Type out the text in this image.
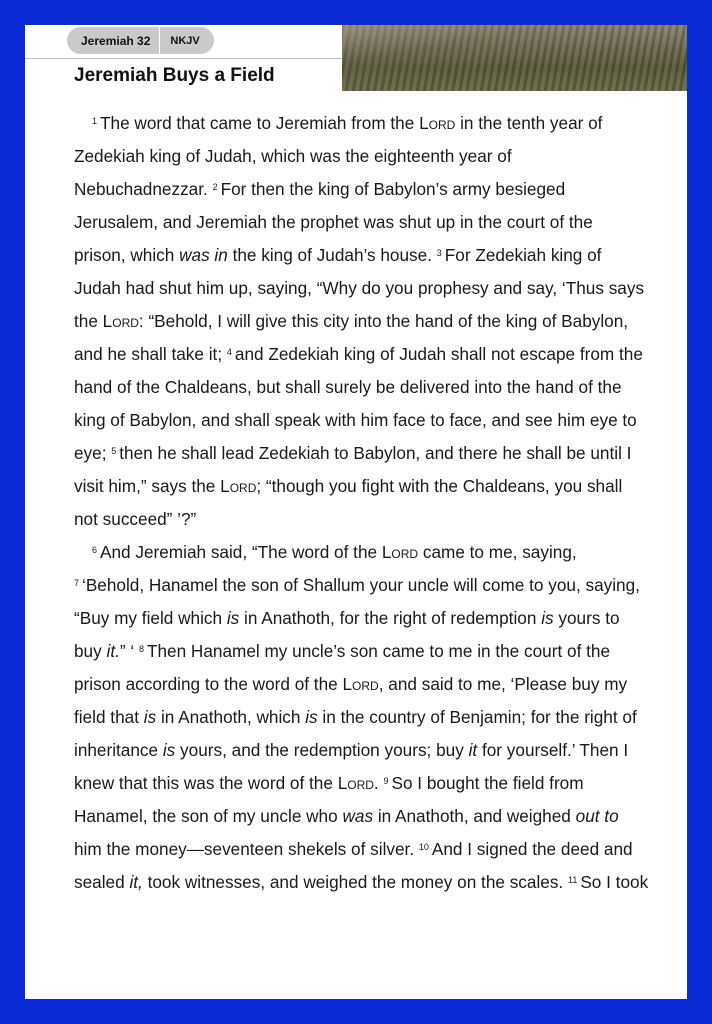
Jeremiah 32	NKJV
Jeremiah Buys a Field

$^1$ The word that came to Jeremiah from the Lord in the tenth year of Zedekiah king of Judah, which was the eighteenth year of Nebuchadnezzar. $^2$ For then the king of Babylon’s army besieged Jerusalem, and Jeremiah the prophet was shut up in the court of the prison, which was in the king of Judah’s house. $^3$ For Zedekiah king of Judah had shut him up, saying, “Why do you prophesy and say, ‘Thus says the Lord: “Behold, I will give this city into the hand of the king of Babylon, and he shall take it; $^4$ and Zedekiah king of Judah shall not escape from the hand of the Chaldeans, but shall surely be delivered into the hand of the king of Babylon, and shall speak with him face to face, and see him eye to eye; $^5$ then he shall lead Zedekiah to Babylon, and there he shall be until I visit him,” says the Lord; “though you fight with the Chaldeans, you shall not succeed” ’?”

$^6$ And Jeremiah said, “The word of the Lord came to me, saying, $^7$ ‘Behold, Hanamel the son of Shallum your uncle will come to you, saying, “Buy my field which is in Anathoth, for the right of redemption is yours to buy it.” ‘ $^8$ Then Hanamel my uncle’s son came to me in the court of the prison according to the word of the Lord, and said to me, ‘Please buy my field that is in Anathoth, which is in the country of Benjamin; for the right of inheritance is yours, and the redemption yours; buy it for yourself.’ Then I knew that this was the word of the Lord. $^9$ So I bought the field from Hanamel, the son of my uncle who was in Anathoth, and weighed out to him the money—seventeen shekels of silver. $^{10}$ And I signed the deed and sealed it, took witnesses, and weighed the money on the scales. $^{11}$ So I took
